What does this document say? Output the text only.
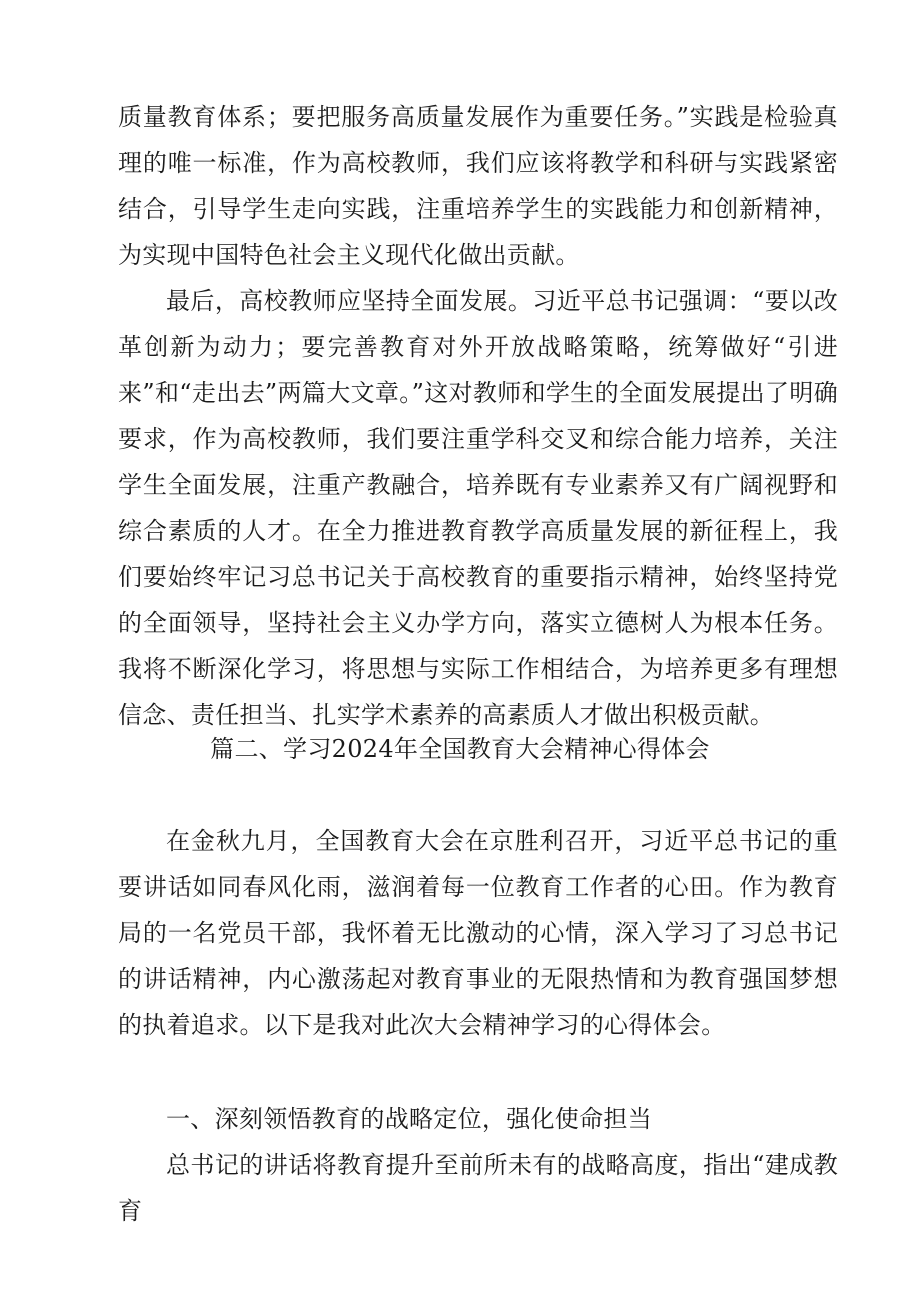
质量教育体系；要把服务高质量发展作为重要任务。”实践是检验真理的唯一标准，作为高校教师，我们应该将教学和科研与实践紧密结合，引导学生走向实践，注重培养学生的实践能力和创新精神，为实现中国特色社会主义现代化做出贡献。

最后，高校教师应坚持全面发展。习近平总书记强调：“要以改革创新为动力；要完善教育对外开放战略策略，统筹做好“引进来”和“走出去”两篇大文章。”这对教师和学生的全面发展提出了明确要求，作为高校教师，我们要注重学科交叉和综合能力培养，关注学生全面发展，注重产教融合，培养既有专业素养又有广阔视野和综合素质的人才。在全力推进教育教学高质量发展的新征程上，我们要始终牢记习总书记关于高校教育的重要指示精神，始终坚持党的全面领导，坚持社会主义办学方向，落实立德树人为根本任务。我将不断深化学习，将思想与实际工作相结合，为培养更多有理想信念、责任担当、扎实学术素养的高素质人才做出积极贡献。

篇二、学习2024年全国教育大会精神心得体会

在金秋九月，全国教育大会在京胜利召开，习近平总书记的重要讲话如同春风化雨，滋润着每一位教育工作者的心田。作为教育局的一名党员干部，我怀着无比激动的心情，深入学习了习总书记的讲话精神，内心激荡起对教育事业的无限热情和为教育强国梦想的执着追求。以下是我对此次大会精神学习的心得体会。

一、深刻领悟教育的战略定位，强化使命担当

总书记的讲话将教育提升至前所未有的战略高度，指出“建成教育
